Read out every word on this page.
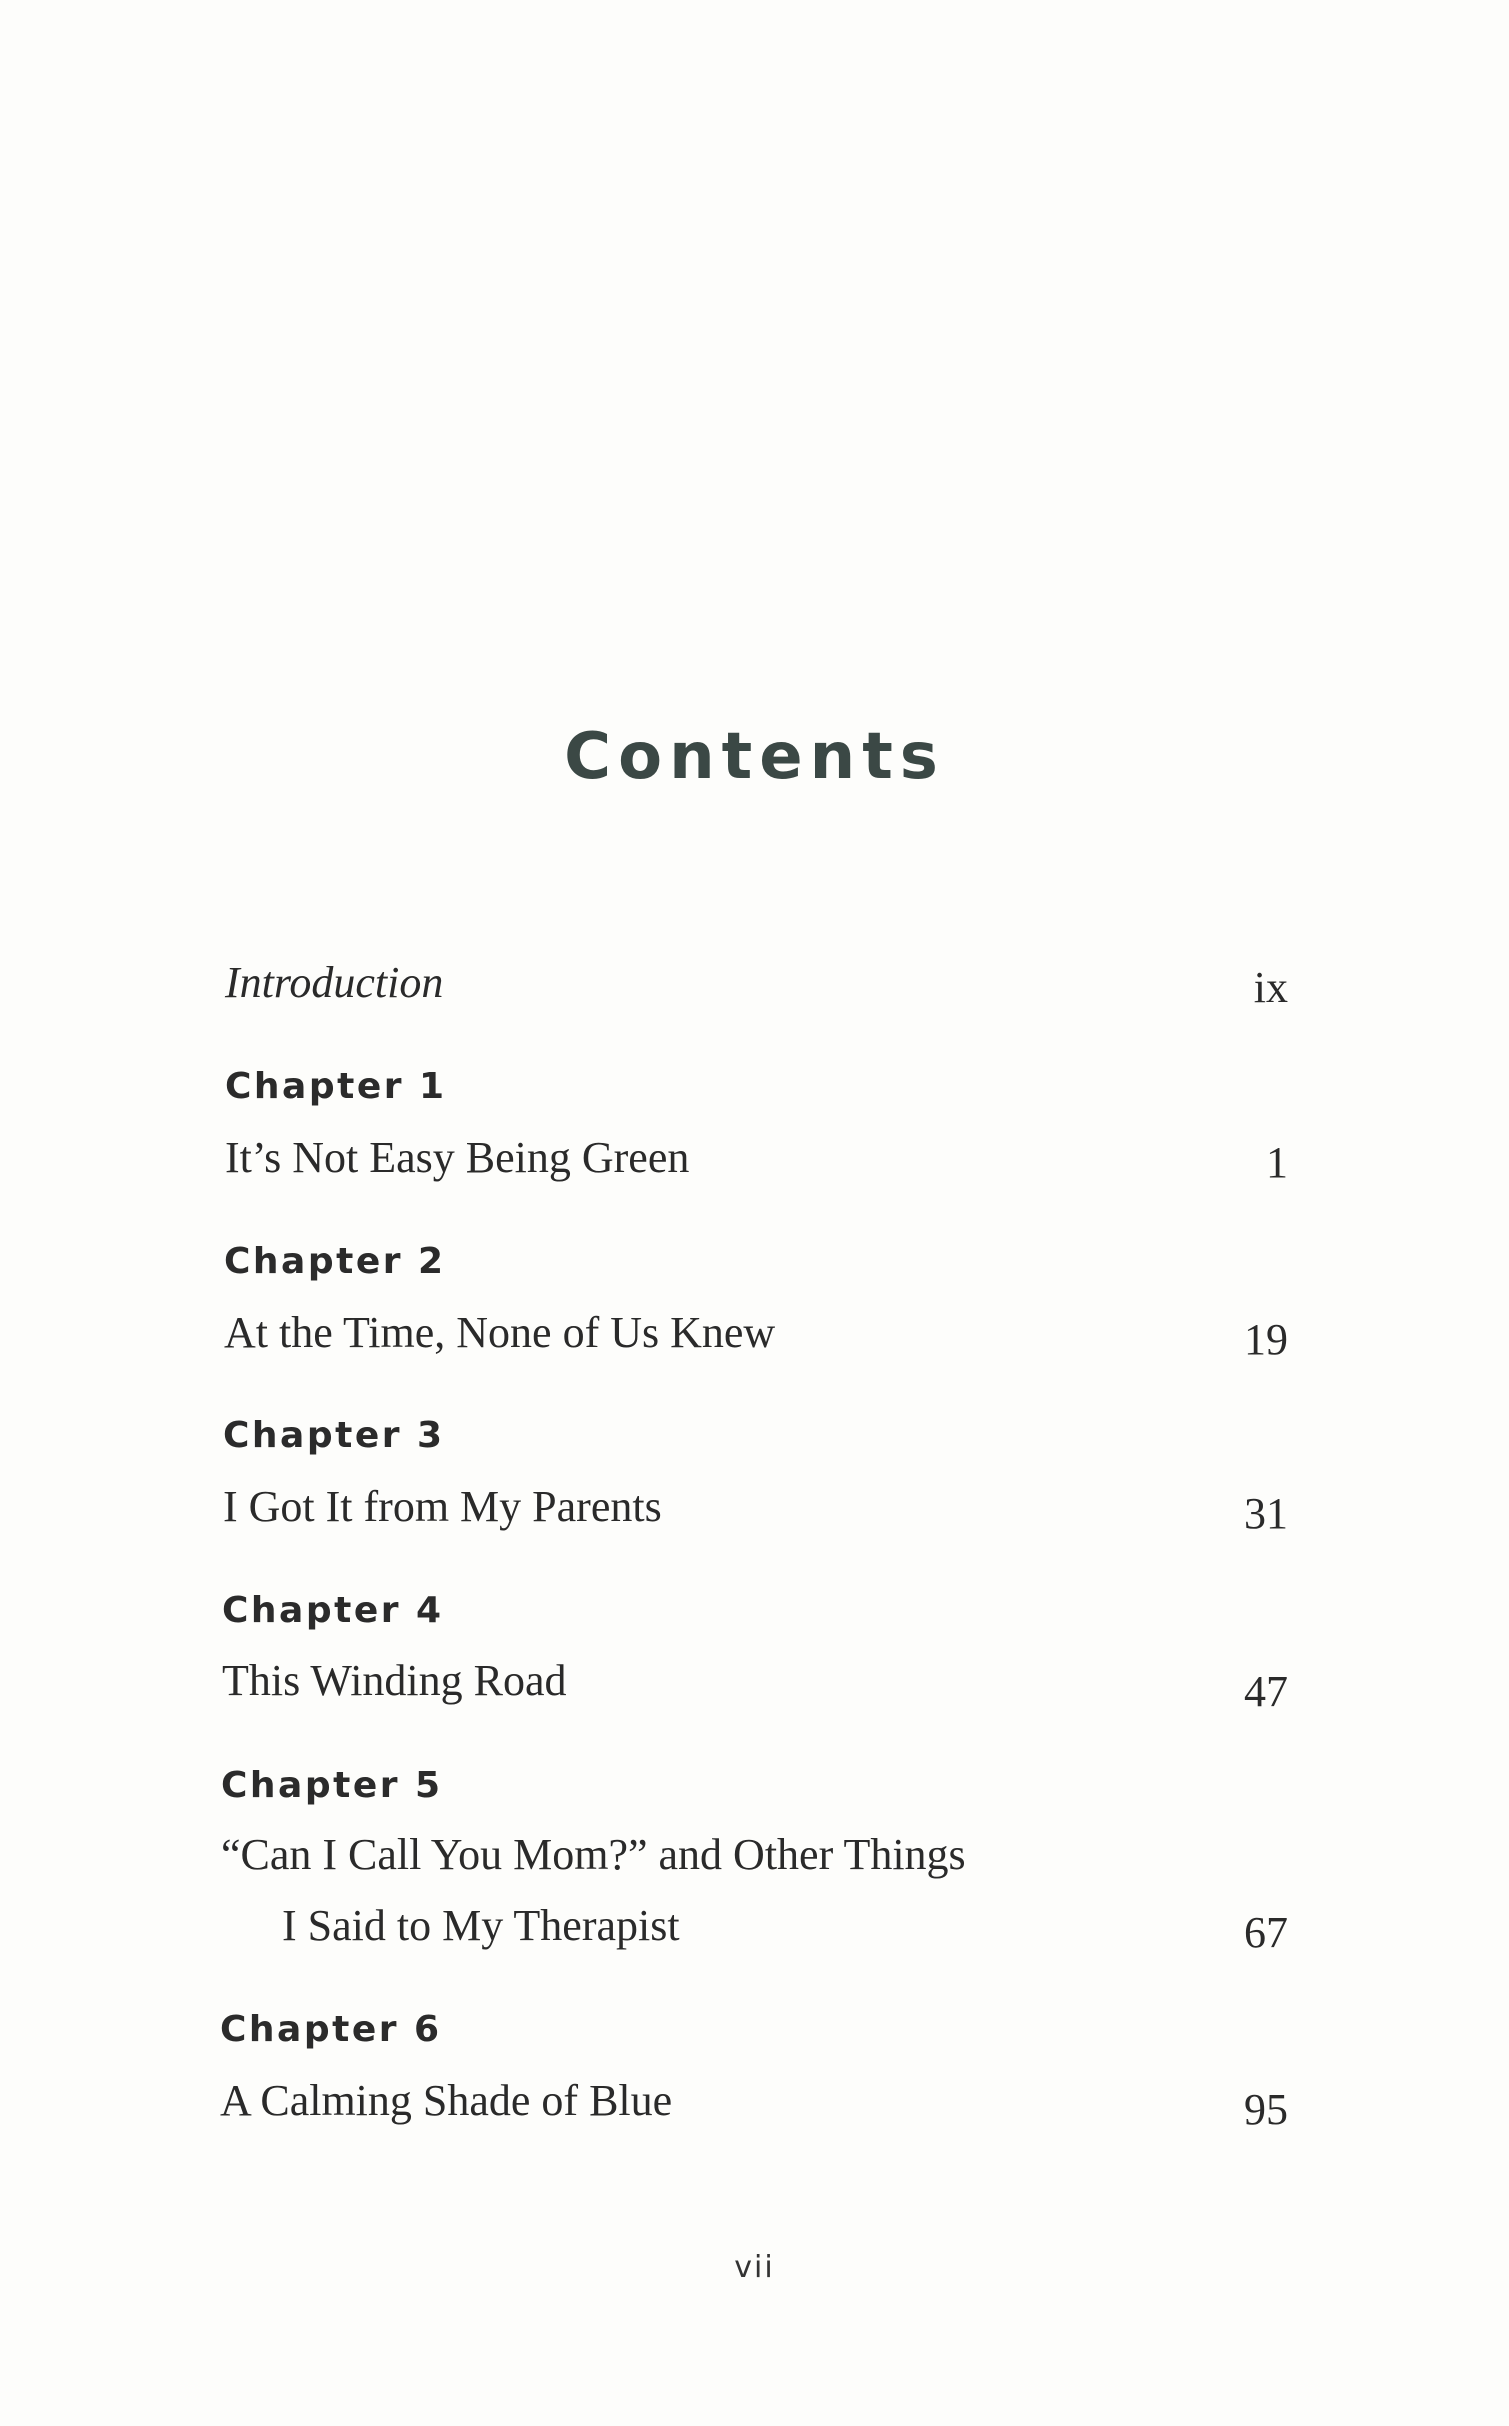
Contents
Introduction	ix
Chapter 1
It’s Not Easy Being Green	1
Chapter 2
At the Time, None of Us Knew	19
Chapter 3
I Got It from My Parents	31
Chapter 4
This Winding Road	47
Chapter 5
“Can I Call You Mom?” and Other Things
I Said to My Therapist	67
Chapter 6
A Calming Shade of Blue	95
vii
